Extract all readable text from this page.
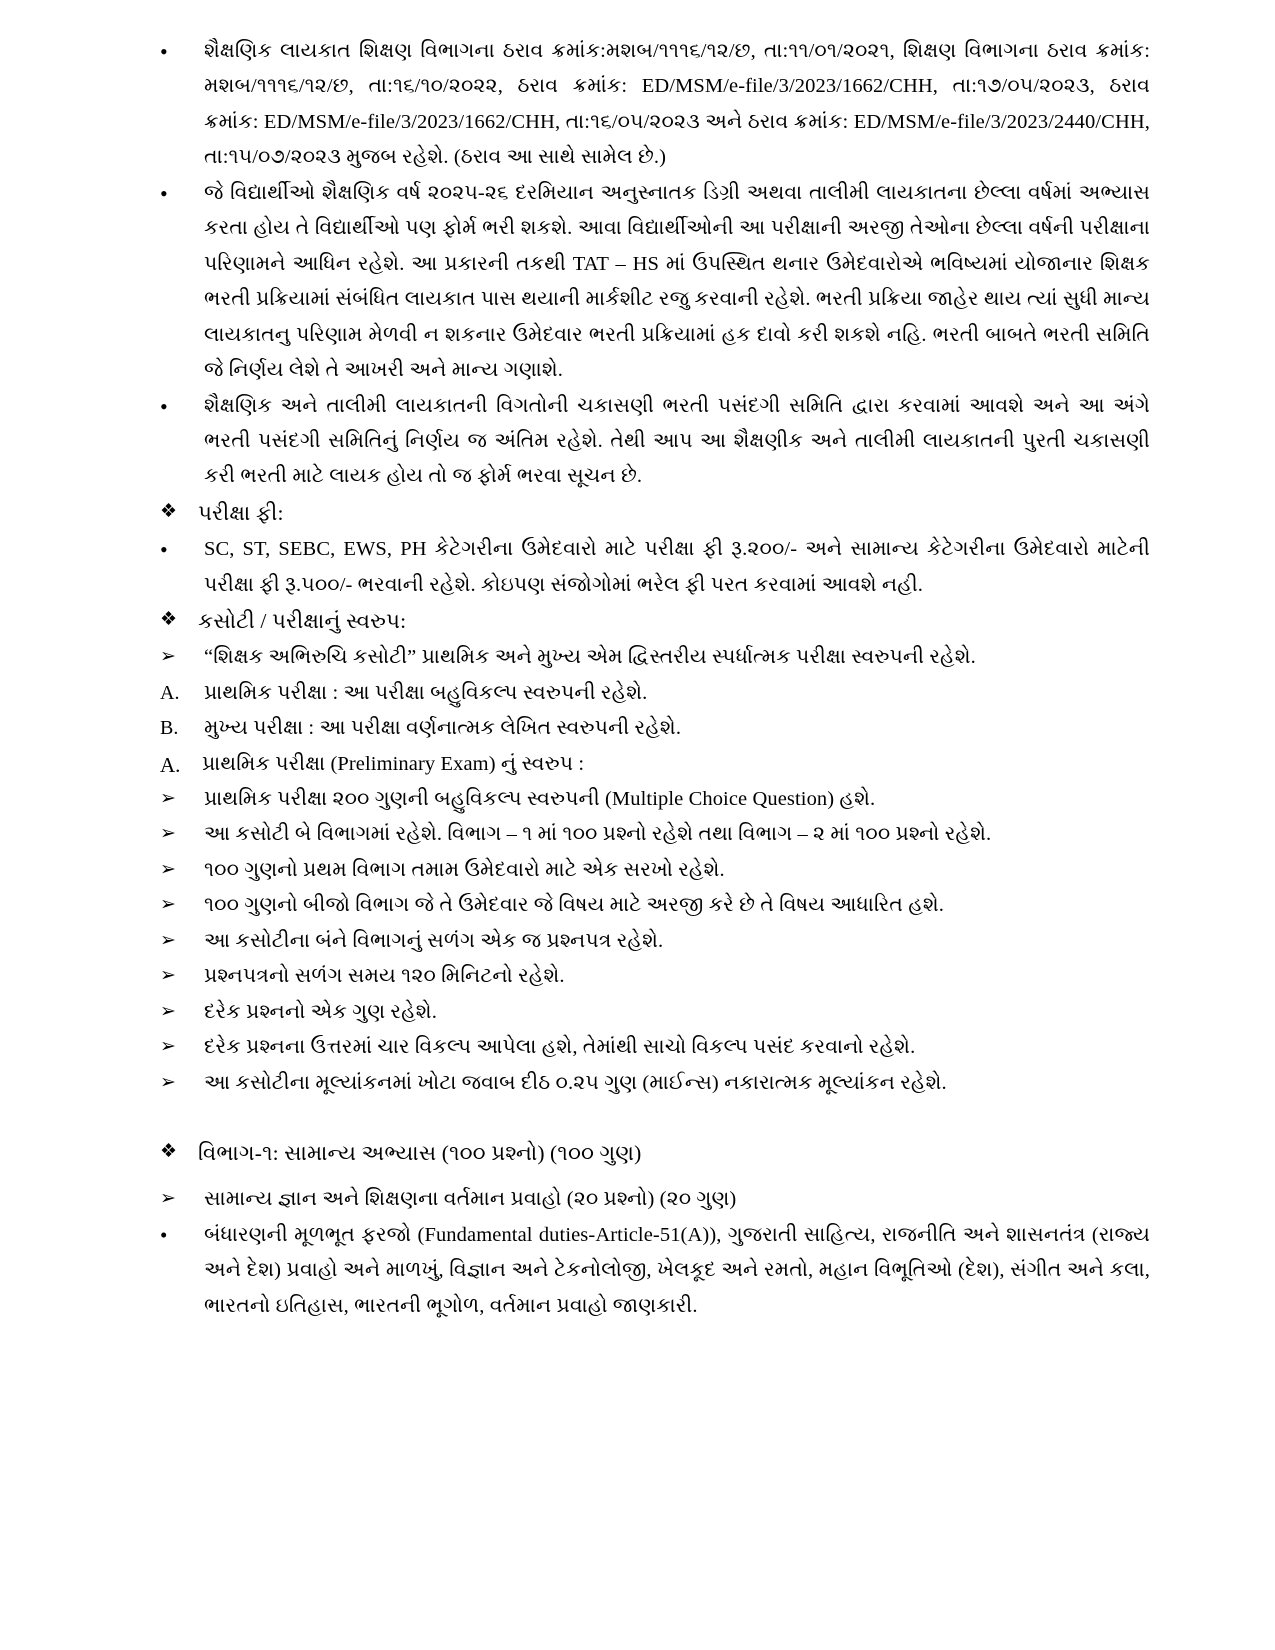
•	શૈક્ષણિક લાયકાત શિક્ષણ વિભાગના ઠરાવ ક્રમાંક:મશબ/૧૧૧૬/૧૨/છ, તા:૧૧/૦૧/૨૦૨૧, શિક્ષણ વિભાગના ઠરાવ ક્રમાંક: મશબ/૧૧૧૬/૧૨/છ, તા:૧૬/૧૦/૨૦૨૨, ઠરાવ ક્રમાંક: ED/MSM/e-file/3/2023/1662/CHH, તા:૧૭/૦૫/૨૦૨૩, ઠરાવ ક્રમાંક: ED/MSM/e-file/3/2023/1662/CHH, તા:૧૬/૦૫/૨૦૨૩ અને ઠરાવ ક્રમાંક: ED/MSM/e-file/3/2023/2440/CHH, તા:૧૫/૦૭/૨૦૨૩ મુજબ રહેશે. (ઠરાવ આ સાથે સામેલ છે.)
•	જે વિદ્યાર્થીઓ શૈક્ષણિક વર્ષ ૨૦૨૫-૨૬ દરમિયાન અનુસ્નાતક ડિગ્રી અથવા તાલીમી લાયકાતના છેલ્લા વર્ષમાં અભ્યાસ કરતા હોય તે વિદ્યાર્થીઓ પણ ફોર્મ ભરી શકશે. આવા વિદ્યાર્થીઓની આ પરીક્ષાની અરજી તેઓના છેલ્લા વર્ષની પરીક્ષાના પરિણામને આધિન રહેશે. આ પ્રકારની તકથી TAT – HS માં ઉપસ્થિત થનાર ઉમેદવારોએ ભવિષ્યમાં યોજાનાર શિક્ષક ભરતી પ્રક્રિયામાં સંબંધિત લાયકાત પાસ થયાની માર્કશીટ રજુ કરવાની રહેશે. ભરતી પ્રક્રિયા જાહેર થાય ત્યાં સુધી માન્ય લાયકાતનુ પરિણામ મેળવી ન શકનાર ઉમેદવાર ભરતી પ્રક્રિયામાં હક દાવો કરી શકશે નહિ. ભરતી બાબતે ભરતી સમિતિ જે નિર્ણય લેશે તે આખરી અને માન્ય ગણાશે.
•	શૈક્ષણિક અને તાલીમી લાયકાતની વિગતોની ચકાસણી ભરતી પસંદગી સમિતિ દ્વારા કરવામાં આવશે અને આ અંગે ભરતી પસંદગી સમિતિનું નિર્ણય જ અંતિમ રહેશે. તેથી આપ આ શૈક્ષણીક અને તાલીમી લાયકાતની પુરતી ચકાસણી કરી ભરતી માટે લાયક હોય તો જ ફોર્મ ભરવા સૂચન છે.
❖ પરીક્ષા ફી:
•	SC, ST, SEBC, EWS, PH કેટેગરીના ઉમેદવારો માટે પરીક્ષા ફી રૂ.૨૦૦/- અને સામાન્ય કેટેગરીના ઉમેદવારો માટેની પરીક્ષા ફી રૂ.૫૦૦/- ભરવાની રહેશે. કોઇપણ સંજોગોમાં ભરેલ ફી પરત કરવામાં આવશે નહી.
❖ કસોટી / પરીક્ષાનું સ્વરુપ:
➢	“શિક્ષક અભિરુચિ કસોટી” પ્રાથમિક અને મુખ્ય એમ દ્વિસ્તરીય સ્પર્ધાત્મક પરીક્ષા સ્વરુપની રહેશે.
A.	પ્રાથમિક પરીક્ષા : આ પરીક્ષા બહુવિકલ્પ સ્વરુપની રહેશે.
B.	મુખ્ય પરીક્ષા : આ પરીક્ષા વર્ણનાત્મક લેખિત સ્વરુપની રહેશે.
A.	પ્રાથમિક પરીક્ષા (Preliminary Exam) નું સ્વરુપ :
➢	પ્રાથમિક પરીક્ષા ૨૦૦ ગુણની બહુવિકલ્પ સ્વરુપની (Multiple Choice Question) હશે.
➢	આ કસોટી બે વિભાગમાં રહેશે. વિભાગ – ૧ માં ૧૦૦ પ્રશ્નો રહેશે તથા વિભાગ – ૨ માં ૧૦૦ પ્રશ્નો રહેશે.
➢	૧૦૦ ગુણનો પ્રથમ વિભાગ તમામ ઉમેદવારો માટે એક સરખો રહેશે.
➢	૧૦૦ ગુણનો બીજો વિભાગ જે તે ઉમેદવાર જે વિષય માટે અરજી કરે છે તે વિષય આધારિત હશે.
➢	આ કસોટીના બંને વિભાગનું સળંગ એક જ પ્રશ્નપત્ર રહેશે.
➢	પ્રશ્નપત્રનો સળંગ સમય ૧૨૦ મિનિટનો રહેશે.
➢	દરેક પ્રશ્નનો એક ગુણ રહેશે.
➢	દરેક પ્રશ્નના ઉત્તરમાં ચાર વિકલ્પ આપેલા હશે, તેમાંથી સાચો વિકલ્પ પસંદ કરવાનો રહેશે.
➢	આ કસોટીના મૂલ્યાંકનમાં ખોટા જવાબ દીઠ ૦.૨૫ ગુણ (માઈન્સ) નકારાત્મક મૂલ્યાંકન રહેશે.
❖ વિભાગ-૧: સામાન્ય અભ્યાસ (૧૦૦ પ્રશ્નો) (૧૦૦ ગુણ)
➢	સામાન્ય જ્ઞાન અને શિક્ષણના વર્તમાન પ્રવાહો (૨૦ પ્રશ્નો) (૨૦ ગુણ)
•	બંધારણની મૂળભૂત ફરજો (Fundamental duties-Article-51(A)), ગુજરાતી સાહિત્ય, રાજનીતિ અને શાસનતંત્ર (રાજ્ય અને દેશ) પ્રવાહો અને માળખું, વિજ્ઞાન અને ટેકનોલોજી, ખેલકૂદ અને રમતો, મહાન વિભૂતિઓ (દેશ), સંગીત અને કલા, ભારતનો ઇતિહાસ, ભારતની ભૂગોળ, વર્તમાન પ્રવાહો જાણકારી.
